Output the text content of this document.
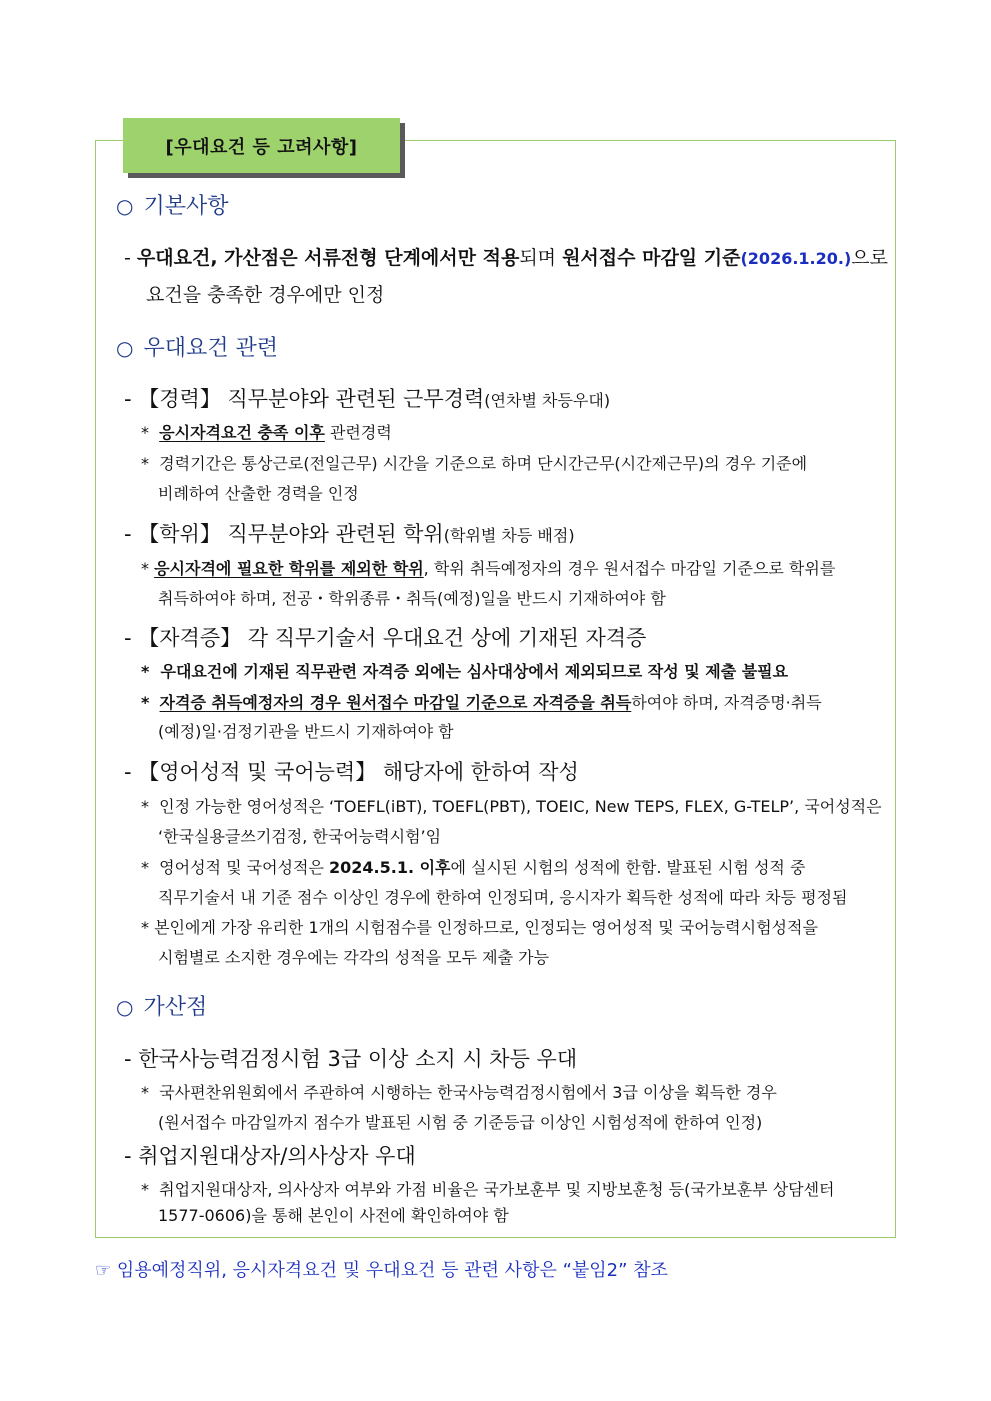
[우대요건 등 고려사항]
○ 기본사항
- 우대요건, 가산점은 서류전형 단계에서만 적용되며 원서접수 마감일 기준(2026.1.20.)으로
요건을 충족한 경우에만 인정
○ 우대요건 관련
- 【경력】 직무분야와 관련된 근무경력(연차별 차등우대)
* 응시자격요건 충족 이후 관련경력
* 경력기간은 통상근로(전일근무) 시간을 기준으로 하며 단시간근무(시간제근무)의 경우 기준에
비례하여 산출한 경력을 인정
- 【학위】 직무분야와 관련된 학위(학위별 차등 배점)
* 응시자격에 필요한 학위를 제외한 학위, 학위 취득예정자의 경우 원서접수 마감일 기준으로 학위를
취득하여야 하며, 전공・학위종류・취득(예정)일을 반드시 기재하여야 함
- 【자격증】 각 직무기술서 우대요건 상에 기재된 자격증
* 우대요건에 기재된 직무관련 자격증 외에는 심사대상에서 제외되므로 작성 및 제출 불필요
* 자격증 취득예정자의 경우 원서접수 마감일 기준으로 자격증을 취득하여야 하며, 자격증명·취득
(예정)일·검정기관을 반드시 기재하여야 함
- 【영어성적 및 국어능력】 해당자에 한하여 작성
* 인정 가능한 영어성적은 ‘TOEFL(iBT), TOEFL(PBT), TOEIC, New TEPS, FLEX, G-TELP’, 국어성적은
‘한국실용글쓰기검정, 한국어능력시험’임
* 영어성적 및 국어성적은 2024.5.1. 이후에 실시된 시험의 성적에 한함. 발표된 시험 성적 중
직무기술서 내 기준 점수 이상인 경우에 한하여 인정되며, 응시자가 획득한 성적에 따라 차등 평정됨
* 본인에게 가장 유리한 1개의 시험점수를 인정하므로, 인정되는 영어성적 및 국어능력시험성적을
시험별로 소지한 경우에는 각각의 성적을 모두 제출 가능
○ 가산점
- 한국사능력검정시험 3급 이상 소지 시 차등 우대
* 국사편찬위원회에서 주관하여 시행하는 한국사능력검정시험에서 3급 이상을 획득한 경우
(원서접수 마감일까지 점수가 발표된 시험 중 기준등급 이상인 시험성적에 한하여 인정)
- 취업지원대상자/의사상자 우대
* 취업지원대상자, 의사상자 여부와 가점 비율은 국가보훈부 및 지방보훈청 등(국가보훈부 상담센터
1577-0606)을 통해 본인이 사전에 확인하여야 함
☞ 임용예정직위, 응시자격요건 및 우대요건 등 관련 사항은 “붙임2” 참조
